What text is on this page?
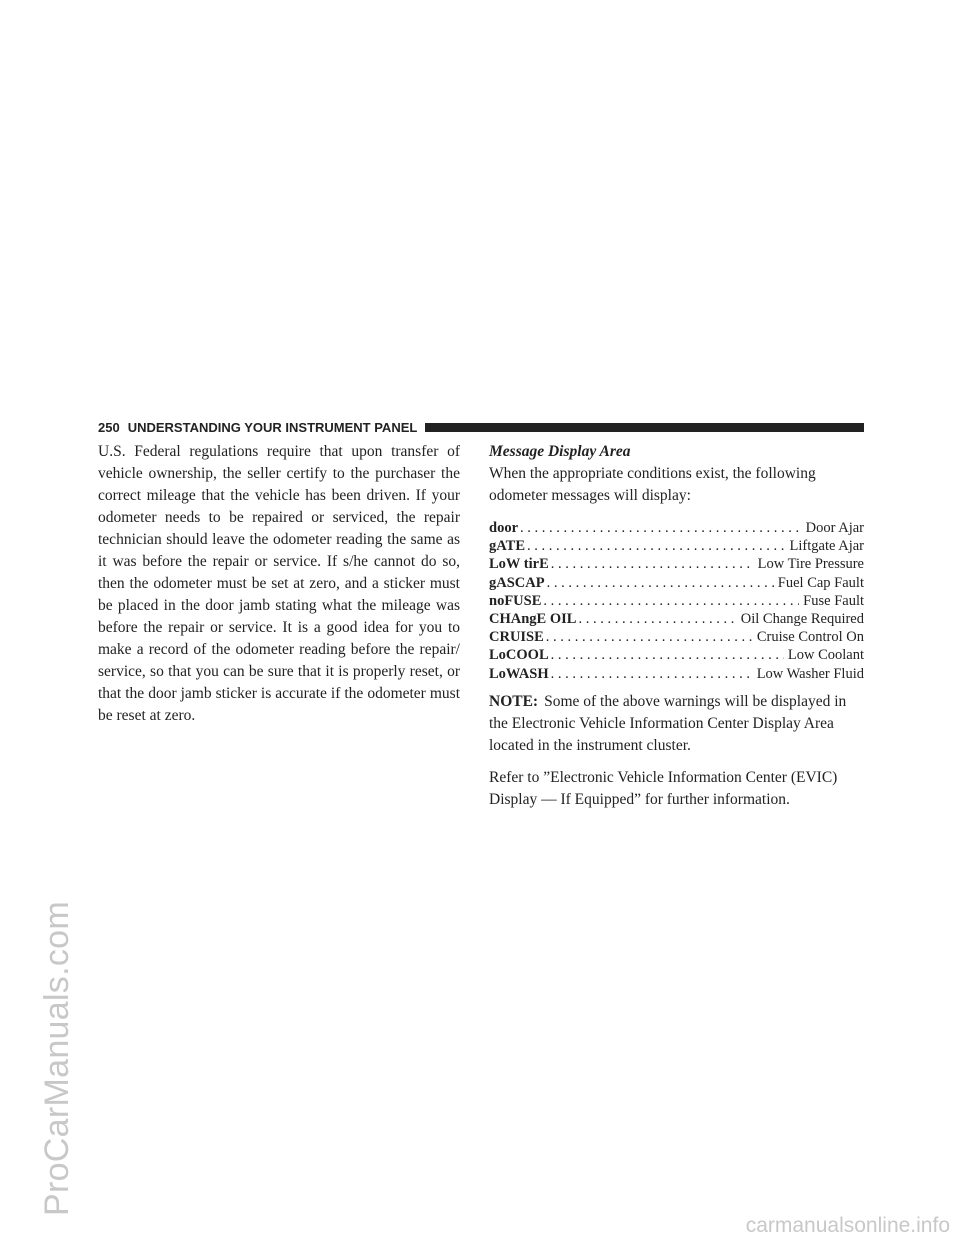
ProCarManuals.com
250 UNDERSTANDING YOUR INSTRUMENT PANEL

U.S. Federal regulations require that upon transfer of vehicle ownership, the seller certify to the purchaser the correct mileage that the vehicle has been driven. If your odometer needs to be repaired or serviced, the repair technician should leave the odometer reading the same as it was before the repair or service. If s/he cannot do so, then the odometer must be set at zero, and a sticker must be placed in the door jamb stating what the mileage was before the repair or service. It is a good idea for you to make a record of the odometer reading before the repair/ service, so that you can be sure that it is properly reset, or that the door jamb sticker is accurate if the odometer must be reset at zero.

Message Display Area

When the appropriate conditions exist, the following odometer messages will display:

door . . .	Door Ajar
gATE . . .	Liftgate Ajar
LoW tirE . . .	Low Tire Pressure
gASCAP . . .	Fuel Cap Fault
noFUSE . . .	Fuse Fault
CHAngE OIL . . .	Oil Change Required
CRUISE . . .	Cruise Control On
LoCOOL . . .	Low Coolant
LoWASH . . .	Low Washer Fluid

NOTE: Some of the above warnings will be displayed in the Electronic Vehicle Information Center Display Area located in the instrument cluster.

Refer to ”Electronic Vehicle Information Center (EVIC) Display — If Equipped” for further information.

carmanualsonline.info
